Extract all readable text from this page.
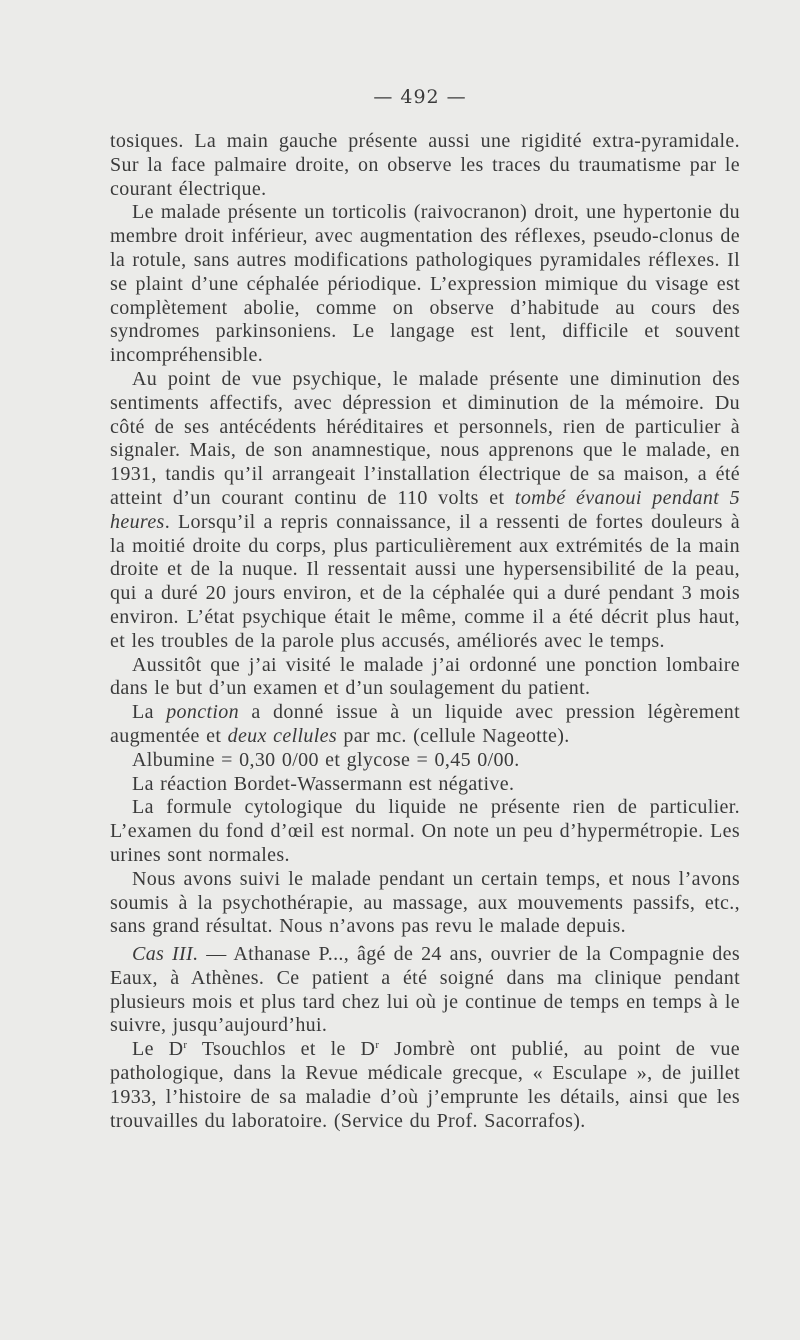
— 492 —

tosiques. La main gauche présente aussi une rigidité extra-pyramidale. Sur la face palmaire droite, on observe les traces du traumatisme par le courant électrique.

Le malade présente un torticolis (raivocranon) droit, une hypertonie du membre droit inférieur, avec augmentation des réflexes, pseudo-clonus de la rotule, sans autres modifications pathologiques pyramidales réflexes. Il se plaint d’une céphalée périodique. L’expression mimique du visage est complètement abolie, comme on observe d’habitude au cours des syndromes parkinsoniens. Le langage est lent, difficile et souvent incompréhensible.

Au point de vue psychique, le malade présente une diminution des sentiments affectifs, avec dépression et diminution de la mémoire. Du côté de ses antécédents héréditaires et personnels, rien de particulier à signaler. Mais, de son anamnestique, nous apprenons que le malade, en 1931, tandis qu’il arrangeait l’installation électrique de sa maison, a été atteint d’un courant continu de 110 volts et tombé évanoui pendant 5 heures. Lorsqu’il a repris connaissance, il a ressenti de fortes douleurs à la moitié droite du corps, plus particulièrement aux extrémités de la main droite et de la nuque. Il ressentait aussi une hypersensibilité de la peau, qui a duré 20 jours environ, et de la céphalée qui a duré pendant 3 mois environ. L’état psychique était le même, comme il a été décrit plus haut, et les troubles de la parole plus accusés, améliorés avec le temps.

Aussitôt que j’ai visité le malade j’ai ordonné une ponction lombaire dans le but d’un examen et d’un soulagement du patient.

La ponction a donné issue à un liquide avec pression légèrement augmentée et deux cellules par mc. (cellule Nageotte).

Albumine = 0,30 0/00 et glycose = 0,45 0/00.

La réaction Bordet-Wassermann est négative.

La formule cytologique du liquide ne présente rien de particulier. L’examen du fond d’œil est normal. On note un peu d’hypermétropie. Les urines sont normales.

Nous avons suivi le malade pendant un certain temps, et nous l’avons soumis à la psychothérapie, au massage, aux mouvements passifs, etc., sans grand résultat. Nous n’avons pas revu le malade depuis.

Cas III. — Athanase P..., âgé de 24 ans, ouvrier de la Compagnie des Eaux, à Athènes. Ce patient a été soigné dans ma clinique pendant plusieurs mois et plus tard chez lui où je continue de temps en temps à le suivre, jusqu’aujourd’hui.

Le $D^r$ Tsouchlos et le $D^r$ Jombrè ont publié, au point de vue pathologique, dans la Revue médicale grecque, « Esculape », de juillet 1933, l’histoire de sa maladie d’où j’emprunte les détails, ainsi que les trouvailles du laboratoire. (Service du Prof. Sacorrafos).
